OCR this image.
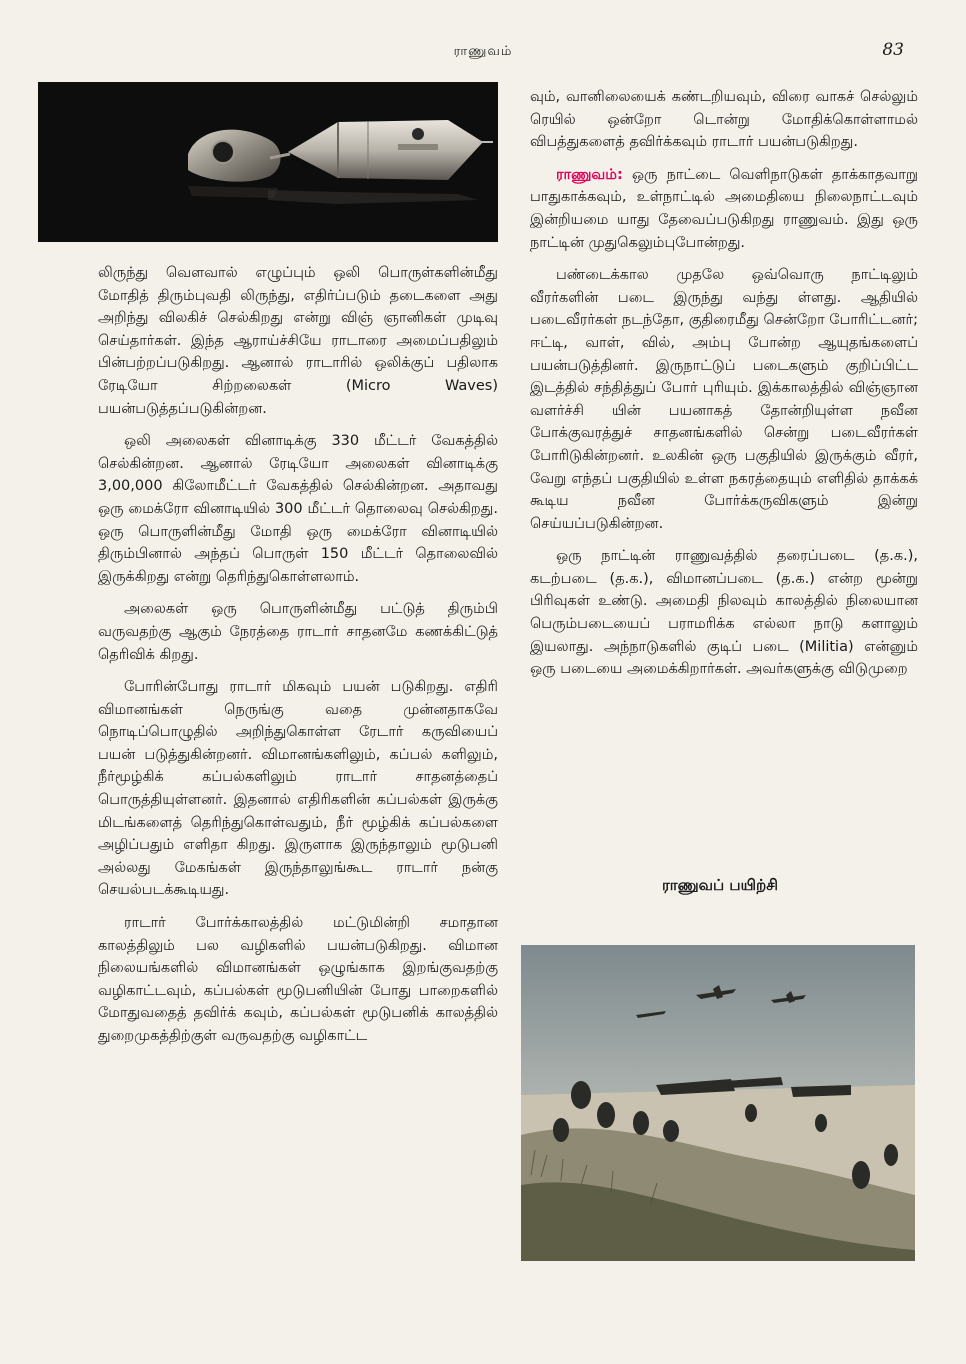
ராணுவம்	83

லிருந்து வெளவால் எழுப்பும் ஒலி பொருள்களின்மீது மோதித் திரும்புவதி லிருந்து, எதிர்ப்படும் தடைகளை அது அறிந்து விலகிச் செல்கிறது என்று விஞ் ஞானிகள் முடிவு செய்தார்கள். இந்த ஆராய்ச்சியே ராடாரை அமைப்பதிலும் பின்பற்றப்படுகிறது. ஆனால் ராடாரில் ஒலிக்குப் பதிலாக ரேடியோ சிற்றலைகள் (Micro Waves) பயன்படுத்தப்படுகின்றன.

ஒலி அலைகள் வினாடிக்கு 330 மீட்டர் வேகத்தில் செல்கின்றன. ஆனால் ரேடியோ அலைகள் வினாடிக்கு 3,00,000 கிலோமீட்டர் வேகத்தில் செல்கின்றன. அதாவது ஒரு மைக்ரோ வினாடியில் 300 மீட்டர் தொலைவு செல்கிறது. ஒரு பொருளின்மீது மோதி ஒரு மைக்ரோ வினாடியில் திரும்பினால் அந்தப் பொருள் 150 மீட்டர் தொலைவில் இருக்கிறது என்று தெரிந்துகொள்ளலாம்.

அலைகள் ஒரு பொருளின்மீது பட்டுத் திரும்பி வருவதற்கு ஆகும் நேரத்தை ராடார் சாதனமே கணக்கிட்டுத் தெரிவிக் கிறது.

போரின்போது ராடார் மிகவும் பயன் படுகிறது. எதிரி விமானங்கள் நெருங்கு வதை முன்னதாகவே நொடிப்பொழுதில் அறிந்துகொள்ள ரேடார் கருவியைப் பயன் படுத்துகின்றனர். விமானங்களிலும், கப்பல் களிலும், நீர்மூழ்கிக் கப்பல்களிலும் ராடார் சாதனத்தைப் பொருத்தியுள்ளனர். இதனால் எதிரிகளின் கப்பல்கள் இருக்கு மிடங்களைத் தெரிந்துகொள்வதும், நீர் மூழ்கிக் கப்பல்களை அழிப்பதும் எளிதா கிறது. இருளாக இருந்தாலும் மூடுபனி அல்லது மேகங்கள் இருந்தாலுங்கூட ராடார் நன்கு செயல்படக்கூடியது.

ராடார் போர்க்காலத்தில் மட்டுமின்றி சமாதான காலத்திலும் பல வழிகளில் பயன்படுகிறது. விமான நிலையங்களில் விமானங்கள் ஒழுங்காக இறங்குவதற்கு வழிகாட்டவும், கப்பல்கள் மூடுபனியின் போது பாறைகளில் மோதுவதைத் தவிர்க் கவும், கப்பல்கள் மூடுபனிக் காலத்தில் துறைமுகத்திற்குள் வருவதற்கு வழிகாட்ட

வும், வானிலையைக் கண்டறியவும், விரை வாகச் செல்லும் ரெயில் ஒன்றோ டொன்று மோதிக்கொள்ளாமல் விபத்துகளைத் தவிர்க்கவும் ராடார் பயன்படுகிறது.

ராணுவம்: ஒரு நாட்டை வெளிநாடுகள் தாக்காதவாறு பாதுகாக்கவும், உள்நாட்டில் அமைதியை நிலைநாட்டவும் இன்றியமை யாது தேவைப்படுகிறது ராணுவம். இது ஒரு நாட்டின் முதுகெலும்புபோன்றது.

பண்டைக்கால முதலே ஒவ்வொரு நாட்டிலும் வீரர்களின் படை இருந்து வந்து ள்ளது. ஆதியில் படைவீரர்கள் நடந்தோ, குதிரைமீது சென்றோ போரிட்டனர்; ஈட்டி, வாள், வில், அம்பு போன்ற ஆயுதங்களைப் பயன்படுத்தினர். இருநாட்டுப் படைகளும் குறிப்பிட்ட இடத்தில் சந்தித்துப் போர் புரியும். இக்காலத்தில் விஞ்ஞான வளர்ச்சி யின் பயனாகத் தோன்றியுள்ள நவீன போக்குவரத்துச் சாதனங்களில் சென்று படைவீரர்கள் போரிடுகின்றனர். உலகின் ஒரு பகுதியில் இருக்கும் வீரர், வேறு எந்தப் பகுதியில் உள்ள நகரத்தையும் எளிதில் தாக்கக் கூடிய நவீன போர்க்கருவிகளும் இன்று செய்யப்படுகின்றன.

ஒரு நாட்டின் ராணுவத்தில் தரைப்படை (த.க.), கடற்படை (த.க.), விமானப்படை (த.க.) என்ற மூன்று பிரிவுகள் உண்டு. அமைதி நிலவும் காலத்தில் நிலையான பெரும்படையைப் பராமரிக்க எல்லா நாடு களாலும் இயலாது. அந்நாடுகளில் குடிப் படை (Militia) என்னும் ஒரு படையை அமைக்கிறார்கள். அவர்களுக்கு விடுமுறை

ராணுவப் பயிற்சி
